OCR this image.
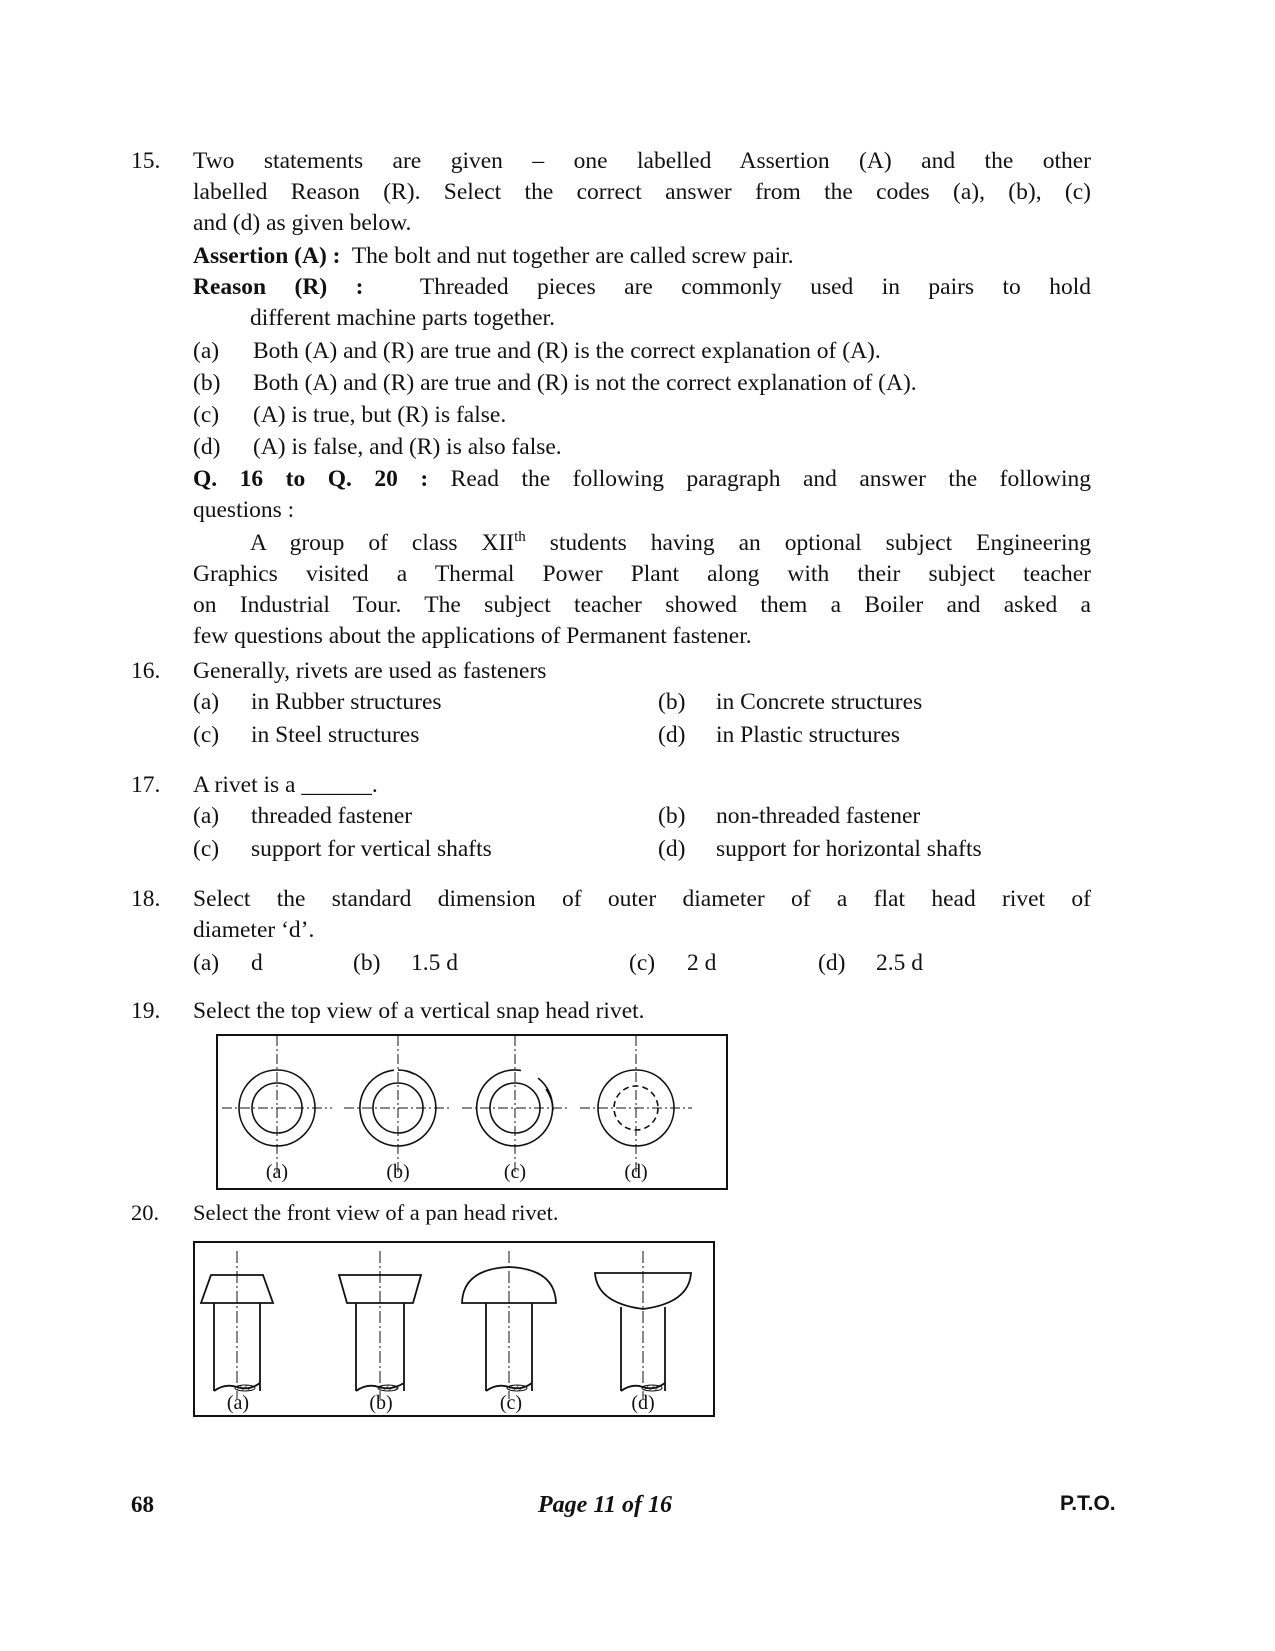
15.	Two statements are given – one labelled Assertion (A) and the other
labelled Reason (R). Select the correct answer from the codes (a), (b), (c)
and (d) as given below.
Assertion (A) : The bolt and nut together are called screw pair.
Reason (R) : Threaded pieces are commonly used in pairs to hold
different machine parts together.
(a) Both (A) and (R) are true and (R) is the correct explanation of (A).
(b) Both (A) and (R) are true and (R) is not the correct explanation of (A).
(c) (A) is true, but (R) is false.
(d) (A) is false, and (R) is also false.
Q. 16 to Q. 20 : Read the following paragraph and answer the following
questions :
A group of class XIIth students having an optional subject Engineering
Graphics visited a Thermal Power Plant along with their subject teacher
on Industrial Tour. The subject teacher showed them a Boiler and asked a
few questions about the applications of Permanent fastener.
16.	Generally, rivets are used as fasteners
(a) in Rubber structures	(b) in Concrete structures
(c) in Steel structures	(d) in Plastic structures
17.	A rivet is a ______.
(a) threaded fastener	(b) non-threaded fastener
(c) support for vertical shafts	(d) support for horizontal shafts
18.	Select the standard dimension of outer diameter of a flat head rivet of
diameter ‘d’.
(a) d	(b) 1.5 d	(c) 2 d	(d) 2.5 d
19.	Select the top view of a vertical snap head rivet.
(a)	(b)	(c)	(d)
20.	Select the front view of a pan head rivet.
(a)	(b)	(c)	(d)
68	Page 11 of 16	P.T.O.
